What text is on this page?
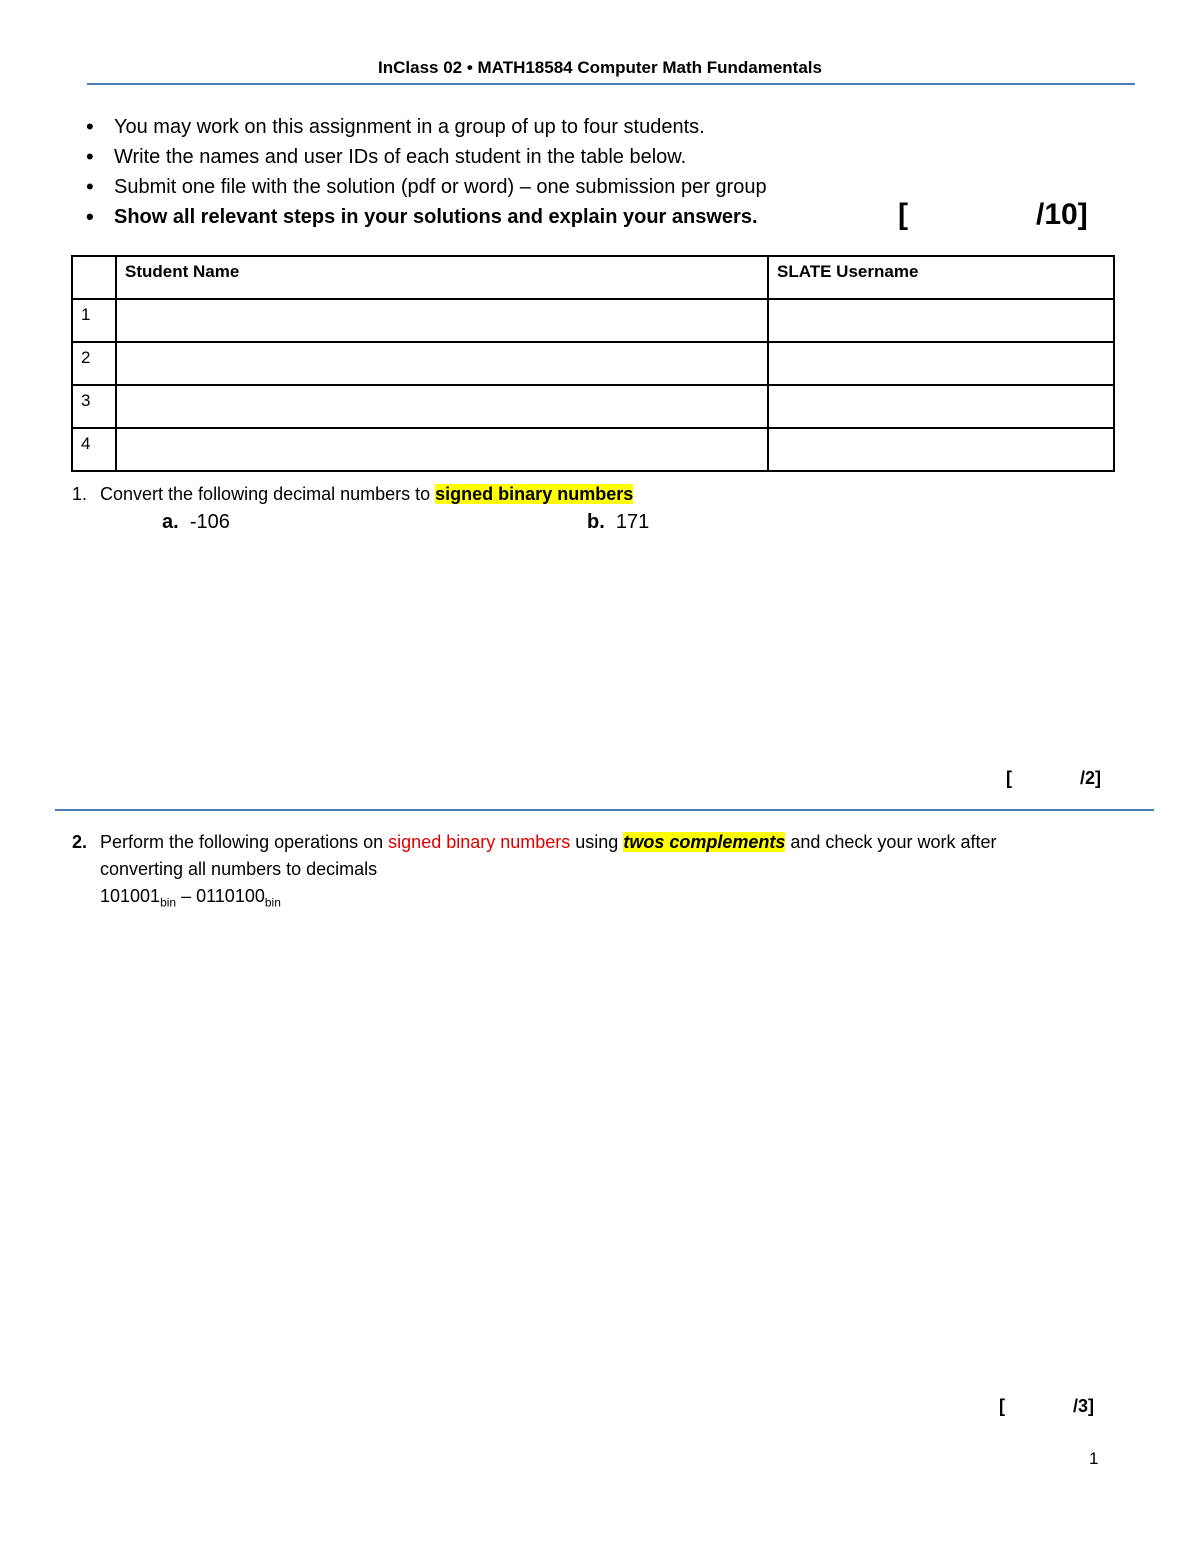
InClass 02 • MATH18584 Computer Math Fundamentals
• You may work on this assignment in a group of up to four students.
• Write the names and user IDs of each student in the table below.
• Submit one file with the solution (pdf or word) – one submission per group
• Show all relevant steps in your solutions and explain your answers.	[	/10]
	Student Name	SLATE Username
1		
2		
3		
4		
1. Convert the following decimal numbers to signed binary numbers
a. -106	b. 171
[	/2]
2. Perform the following operations on signed binary numbers using twos complements and check your work after
converting all numbers to decimals
$101001_{bin} - 0110100_{bin}$
[	/3]
1
